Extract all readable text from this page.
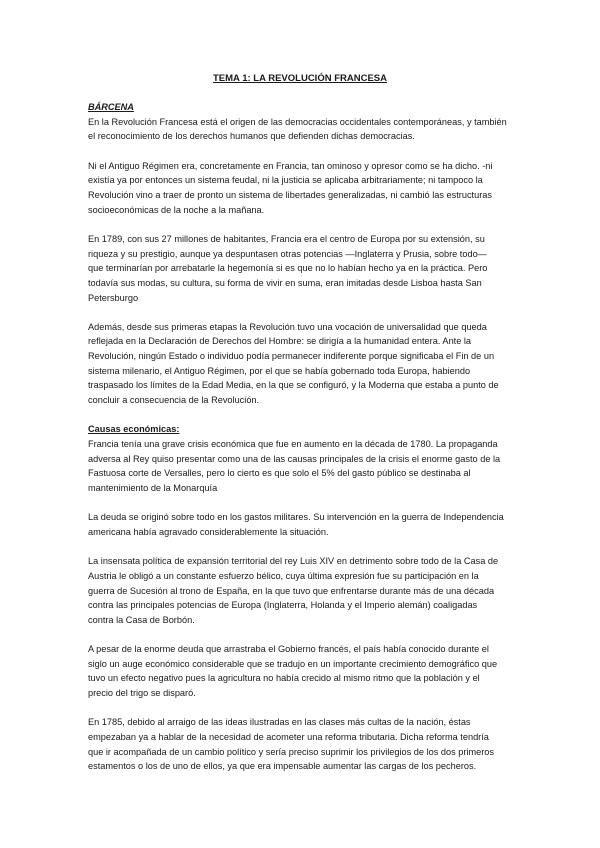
TEMA 1: LA REVOLUCIÓN FRANCESA
BÁRCENA
En la Revolución Francesa está el origen de las democracias occidentales contemporáneas, y también
el reconocimiento de los derechos humanos que defienden dichas democracias.
Ni el Antiguo Régimen era, concretamente en Francia, tan ominoso y opresor como se ha dicho. -ni
existía ya por entonces un sistema feudal, ni la justicia se aplicaba arbitrariamente; ni tampoco la
Revolución vino a traer de pronto un sistema de libertades generalizadas, ni cambió las estructuras
socioeconómicas de la noche a la mañana.
En 1789, con sus 27 millones de habitantes, Francia era el centro de Europa por su extensión, su
riqueza y su prestigio, aunque ya despuntasen otras potencias —Inglaterra y Prusia, sobre todo—
que terminarían por arrebatarle la hegemonía si es que no lo habían hecho ya en la práctica. Pero
todavía sus modas, su cultura, su forma de vivir en suma, eran imitadas desde Lisboa hasta San
Petersburgo
Además, desde sus primeras etapas la Revolución tuvo una vocación de universalidad que queda
reflejada en la Declaración de Derechos del Hombre: se dirigía a la humanidad entera. Ante la
Revolución, ningún Estado o individuo podía permanecer indiferente porque significaba el Fin de un
sistema milenario, el Antiguo Régimen, por el que se había gobernado toda Europa, habiendo
traspasado los límites de la Edad Media, en la que se configuró, y la Moderna que estaba a punto de
concluir a consecuencia de la Revolución.
Causas económicas:
Francia tenía una grave crisis económica que fue en aumento en la década de 1780. La propaganda
adversa al Rey quiso presentar como una de las causas principales de la crisis el enorme gasto de la
Fastuosa corte de Versalles, pero lo cierto es que solo el 5% del gasto público se destinaba al
mantenimiento de la Monarquía
La deuda se originó sobre todo en los gastos militares. Su intervención en la guerra de Independencia
americana había agravado considerablemente la situación.
La insensata política de expansión territorial del rey Luis XIV en detrimento sobre todo de la Casa de
Austria le obligó a un constante esfuerzo bélico, cuya última expresión fue su participación en la
guerra de Sucesión al trono de España, en la que tuvo que enfrentarse durante más de una década
contra las principales potencias de Europa (Inglaterra, Holanda y el Imperio alemán) coaligadas
contra la Casa de Borbón.
A pesar de la enorme deuda que arrastraba el Gobierno francés, el país había conocido durante el
siglo un auge económico considerable que se tradujo en un importante crecimiento demográfico que
tuvo un efecto negativo pues la agricultura no había crecido al mismo ritmo que la población y el
precio del trigo se disparó.
En 1785, debido al arraigo de las ideas ilustradas en las clases más cultas de la nación, éstas
empezaban ya a hablar de la necesidad de acometer una reforma tributaria. Dicha reforma tendría
que ir acompañada de un cambio político y sería preciso suprimir los privilegios de los dos primeros
estamentos o los de uno de ellos, ya que era impensable aumentar las cargas de los pecheros.
